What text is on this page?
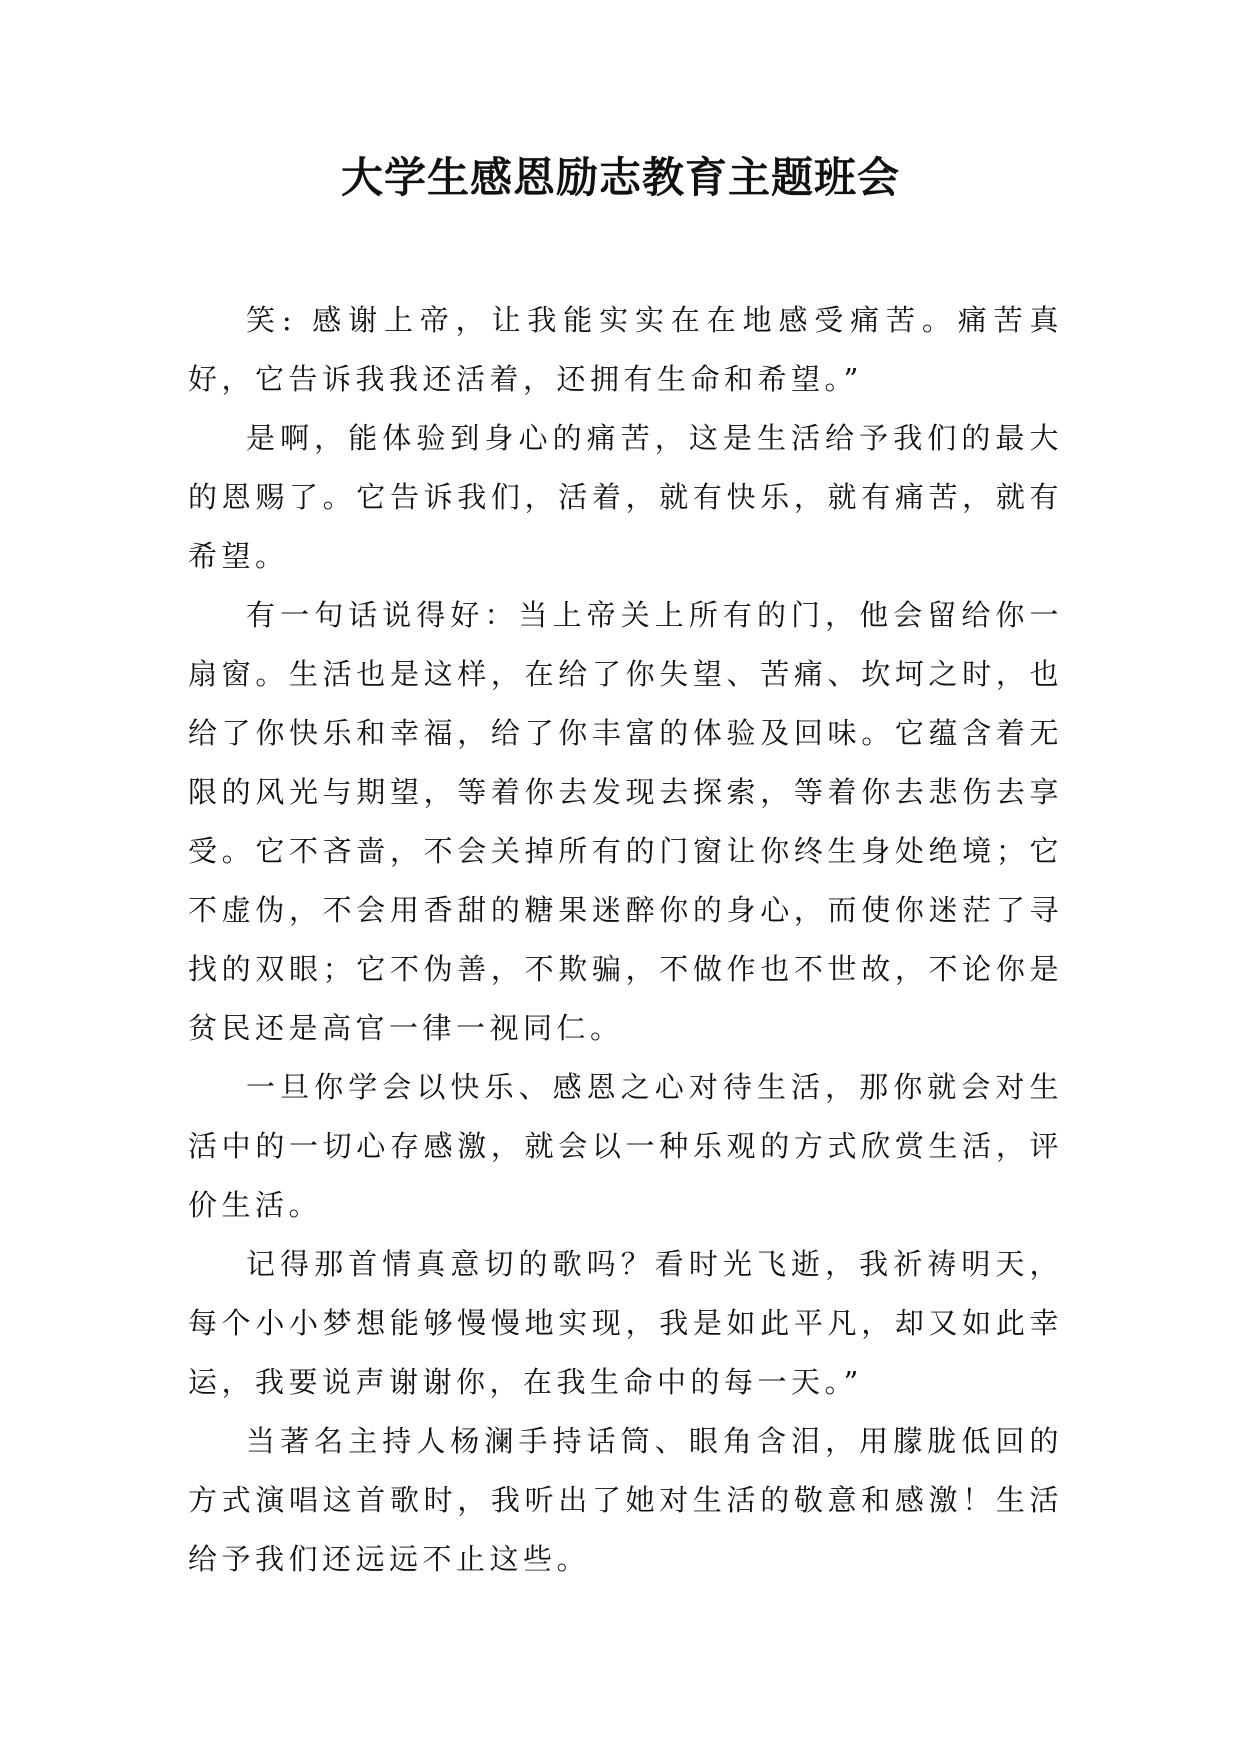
大学生感恩励志教育主题班会

笑: 感谢上帝，让我能实实在在地感受痛苦。痛苦真好，它告诉我我还活着，还拥有生命和希望。”

是啊，能体验到身心的痛苦，这是生活给予我们的最大的恩赐了。它告诉我们，活着，就有快乐，就有痛苦，就有希望。

有一句话说得好：当上帝关上所有的门，他会留给你一扇窗。生活也是这样，在给了你失望、苦痛、坎坷之时，也给了你快乐和幸福，给了你丰富的体验及回味。它蕴含着无限的风光与期望，等着你去发现去探索，等着你去悲伤去享受。它不吝啬，不会关掉所有的门窗让你终生身处绝境；它不虚伪，不会用香甜的糖果迷醉你的身心，而使你迷茫了寻找的双眼；它不伪善，不欺骗，不做作也不世故，不论你是贫民还是高官一律一视同仁。

一旦你学会以快乐、感恩之心对待生活，那你就会对生活中的一切心存感激，就会以一种乐观的方式欣赏生活，评价生活。

记得那首情真意切的歌吗？看时光飞逝，我祈祷明天，每个小小梦想能够慢慢地实现，我是如此平凡，却又如此幸运，我要说声谢谢你，在我生命中的每一天。”

当著名主持人杨澜手持话筒、眼角含泪，用朦胧低回的方式演唱这首歌时，我听出了她对生活的敬意和感激！生活给予我们还远远不止这些。
